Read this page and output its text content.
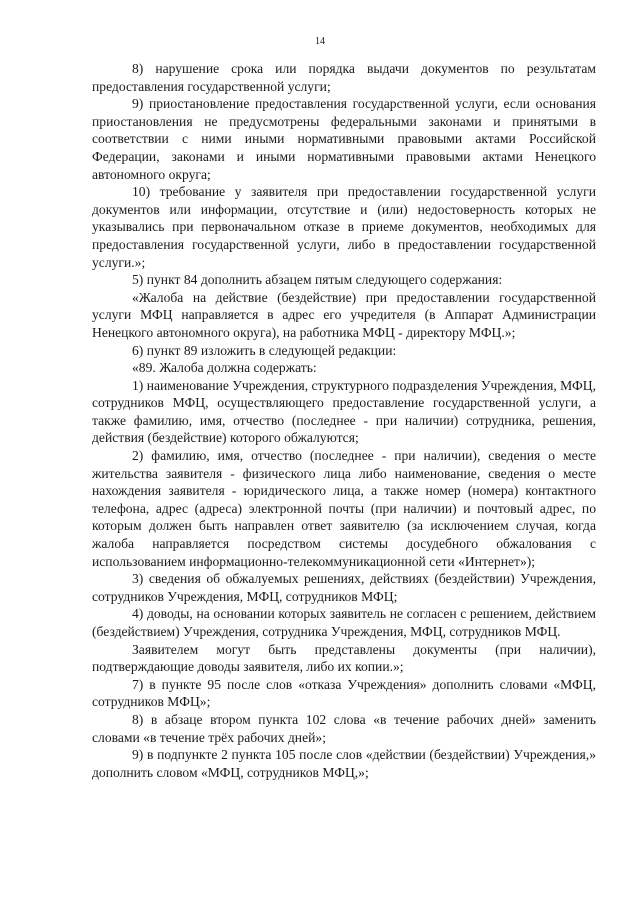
14

8) нарушение срока или порядка выдачи документов по результатам предоставления государственной услуги;

9) приостановление предоставления государственной услуги, если основания приостановления не предусмотрены федеральными законами и принятыми в соответствии с ними иными нормативными правовыми актами Российской Федерации, законами и иными нормативными правовыми актами Ненецкого автономного округа;

10) требование у заявителя при предоставлении государственной услуги документов или информации, отсутствие и (или) недостоверность которых не указывались при первоначальном отказе в приеме документов, необходимых для предоставления государственной услуги, либо в предоставлении государственной услуги.»;

5) пункт 84 дополнить абзацем пятым следующего содержания:

«Жалоба на действие (бездействие) при предоставлении государственной услуги МФЦ направляется в адрес его учредителя (в Аппарат Администрации Ненецкого автономного округа), на работника МФЦ - директору МФЦ.»;

6) пункт 89 изложить в следующей редакции:

«89. Жалоба должна содержать:

1) наименование Учреждения, структурного подразделения Учреждения, МФЦ, сотрудников МФЦ, осуществляющего предоставление государственной услуги, а также фамилию, имя, отчество (последнее - при наличии) сотрудника, решения, действия (бездействие) которого обжалуются;

2) фамилию, имя, отчество (последнее - при наличии), сведения о месте жительства заявителя - физического лица либо наименование, сведения о месте нахождения заявителя - юридического лица, а также номер (номера) контактного телефона, адрес (адреса) электронной почты (при наличии) и почтовый адрес, по которым должен быть направлен ответ заявителю (за исключением случая, когда жалоба направляется посредством системы досудебного обжалования с использованием информационно-телекоммуникационной сети «Интернет»);

3) сведения об обжалуемых решениях, действиях (бездействии) Учреждения, сотрудников Учреждения, МФЦ, сотрудников МФЦ;

4) доводы, на основании которых заявитель не согласен с решением, действием (бездействием) Учреждения, сотрудника Учреждения, МФЦ, сотрудников МФЦ.

Заявителем могут быть представлены документы (при наличии), подтверждающие доводы заявителя, либо их копии.»;

7) в пункте 95 после слов «отказа Учреждения» дополнить словами «МФЦ, сотрудников МФЦ»;

8) в абзаце втором пункта 102 слова «в течение рабочих дней» заменить словами «в течение трёх рабочих дней»;

9) в подпункте 2 пункта 105 после слов «действии (бездействии) Учреждения,» дополнить словом «МФЦ, сотрудников МФЦ,»;
